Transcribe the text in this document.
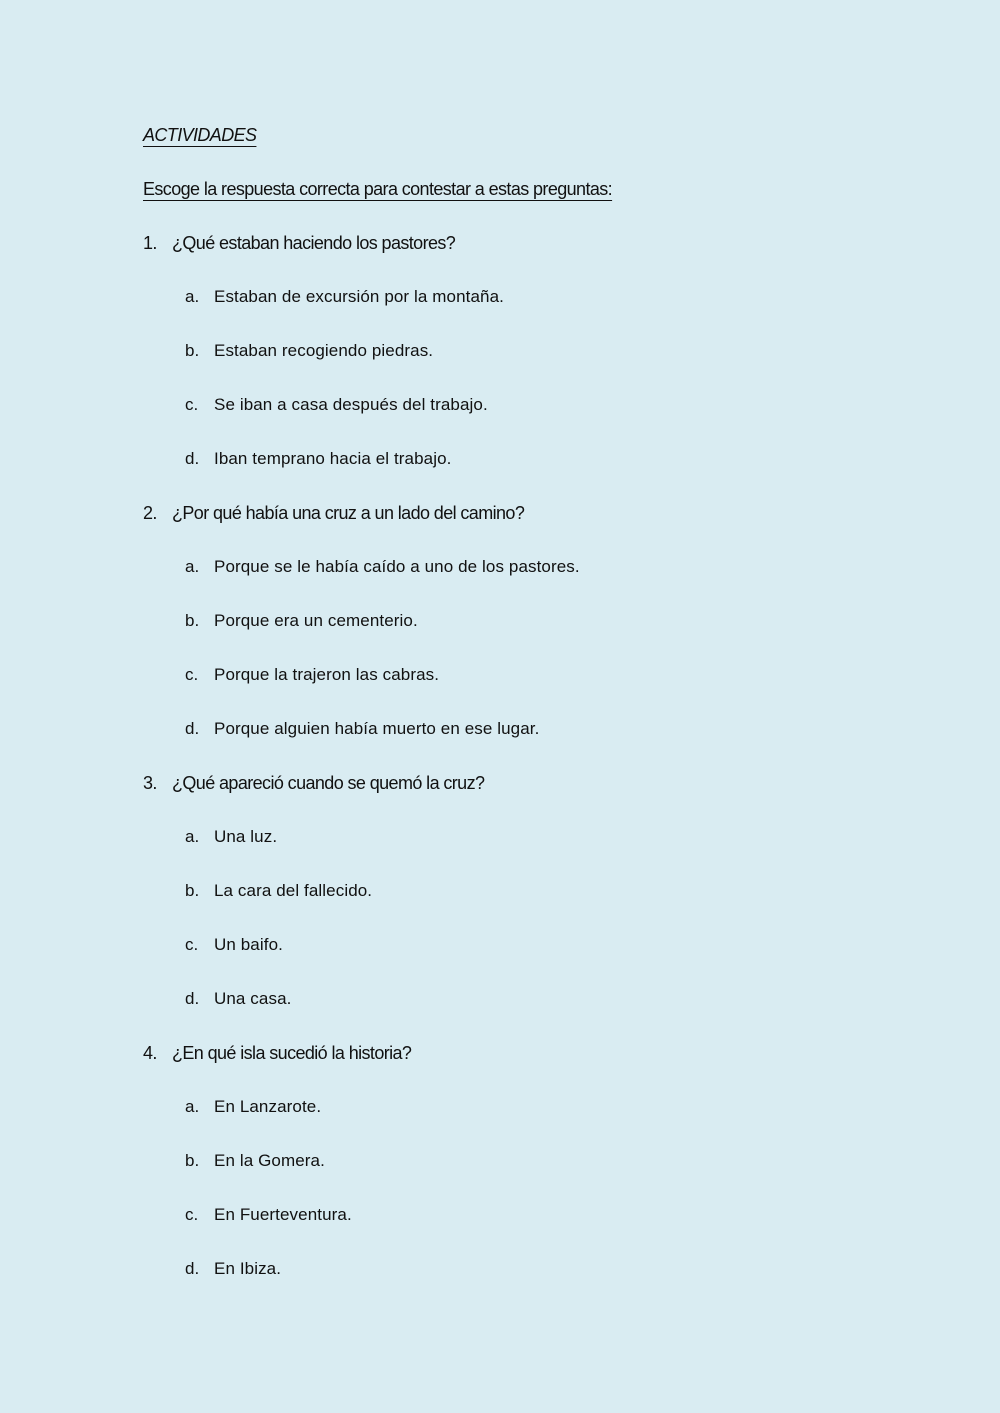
ACTIVIDADES
Escoge la respuesta correcta para contestar a estas preguntas:
1. ¿Qué estaban haciendo los pastores?
a. Estaban de excursión por la montaña.
b. Estaban recogiendo piedras.
c. Se iban a casa después del trabajo.
d. Iban temprano hacia el trabajo.
2. ¿Por qué había una cruz a un lado del camino?
a. Porque se le había caído a uno de los pastores.
b. Porque era un cementerio.
c. Porque la trajeron las cabras.
d. Porque alguien había muerto en ese lugar.
3. ¿Qué apareció cuando se quemó la cruz?
a. Una luz.
b. La cara del fallecido.
c. Un baifo.
d. Una casa.
4. ¿En qué isla sucedió la historia?
a. En Lanzarote.
b. En la Gomera.
c. En Fuerteventura.
d. En Ibiza.
